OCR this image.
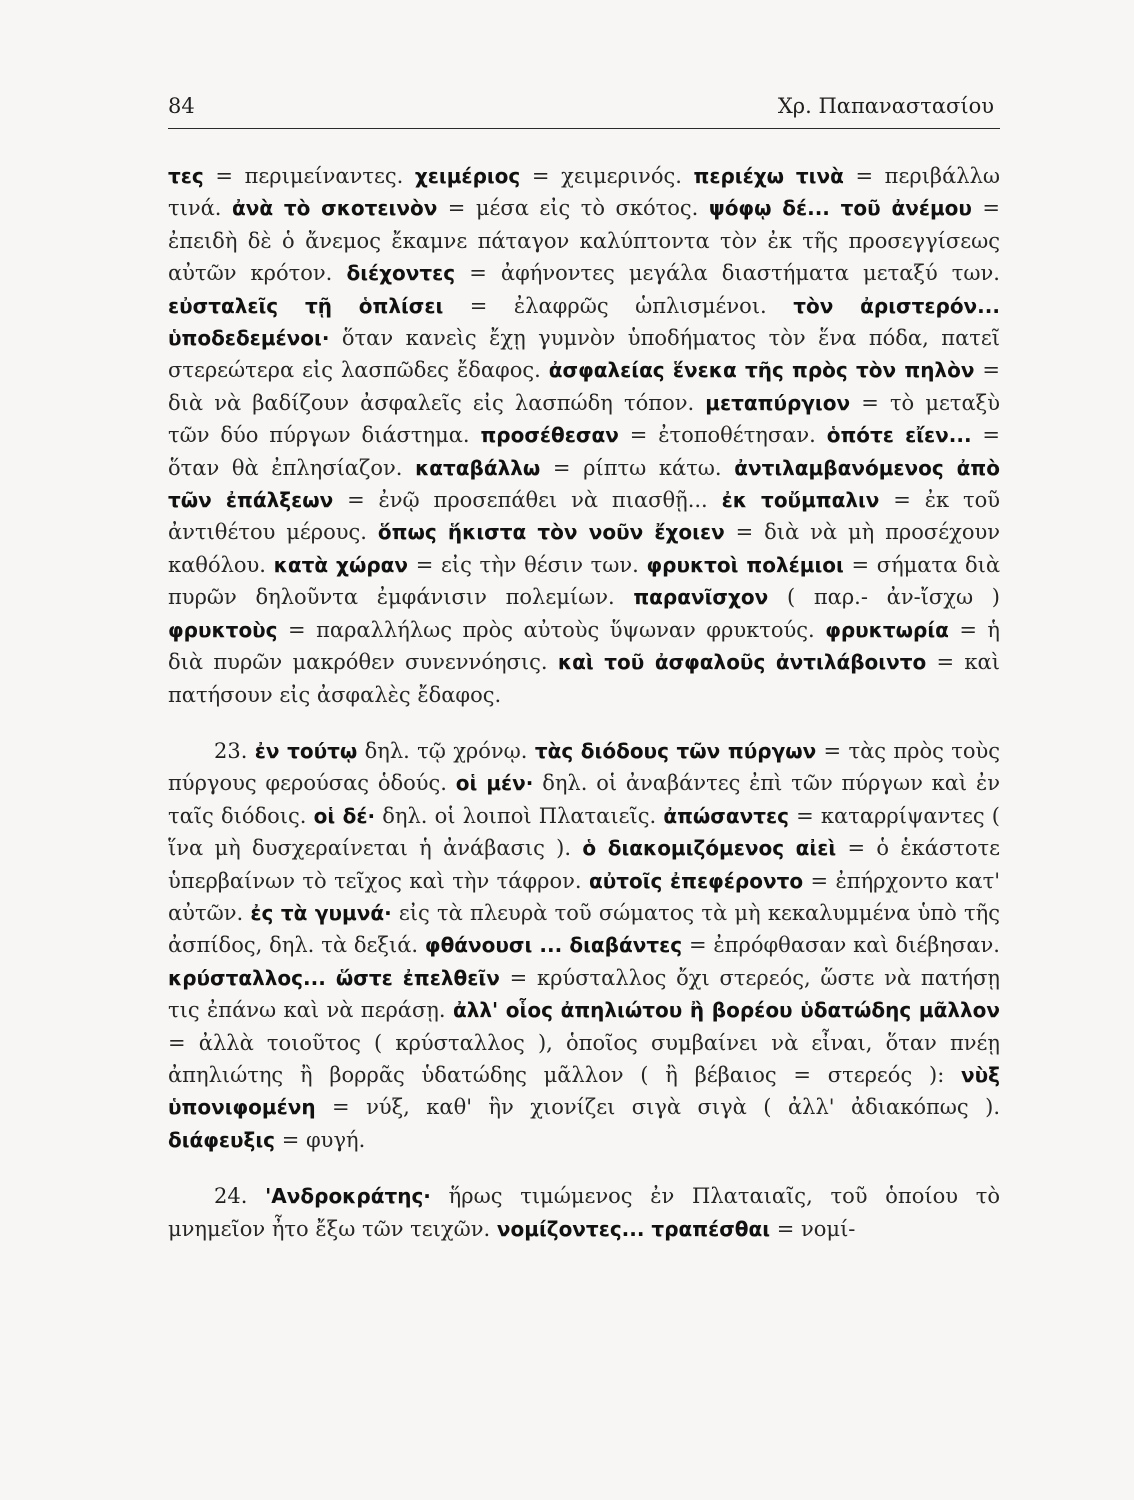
84	Χρ. Παπαναστασίου

τες = περιμείναντες. χειμέριος = χειμερινός. περιέχω τινὰ = περιβάλλω τινά. ἀνὰ τὸ σκοτεινὸν = μέσα εἰς τὸ σκότος. ψόφῳ δέ... τοῦ ἀνέμου = ἐπειδὴ δὲ ὁ ἄνεμος ἔκαμνε πάταγον καλύπτοντα τὸν ἐκ τῆς προσεγγίσεως αὐτῶν κρότον. διέχοντες = ἀφήνοντες μεγάλα διαστήματα μεταξύ των. εὐσταλεῖς τῇ ὁπλίσει = ἐλαφρῶς ὡπλισμένοι. τὸν ἀριστερόν... ὑποδεδεμένοι· ὅταν κανεὶς ἔχῃ γυμνὸν ὑποδήματος τὸν ἕνα πόδα, πατεῖ στερεώτερα εἰς λασπῶδες ἔδαφος. ἀσφαλείας ἕνεκα τῆς πρὸς τὸν πηλὸν = διὰ νὰ βαδίζουν ἀσφαλεῖς εἰς λασπώδη τόπον. μεταπύργιον = τὸ μεταξὺ τῶν δύο πύργων διάστημα. προσέθεσαν = ἐτοποθέτησαν. ὁπότε εἴεν... = ὅταν θὰ ἐπλησίαζον. καταβάλλω = ρίπτω κάτω. ἀντιλαμβανόμενος ἀπὸ τῶν ἐπάλξεων = ἐνῷ προσεπάθει νὰ πιασθῇ... ἐκ τοὔμπαλιν = ἐκ τοῦ ἀντιθέτου μέρους. ὅπως ἥκιστα τὸν νοῦν ἔχοιεν = διὰ νὰ μὴ προσέχουν καθόλου. κατὰ χώραν = εἰς τὴν θέσιν των. φρυκτοὶ πολέμιοι = σήματα διὰ πυρῶν δηλοῦντα ἐμφάνισιν πολεμίων. παρανῖσχον ( παρ.- ἀν-ἴσχω ) φρυκτοὺς = παραλλήλως πρὸς αὐτοὺς ὕψωναν φρυκτούς. φρυκτωρία = ἡ διὰ πυρῶν μακρόθεν συνεννόησις. καὶ τοῦ ἀσφαλοῦς ἀντιλάβοιντο = καὶ πατήσουν εἰς ἀσφαλὲς ἔδαφος.

23. ἐν τούτῳ δηλ. τῷ χρόνῳ. τὰς διόδους τῶν πύργων = τὰς πρὸς τοὺς πύργους φερούσας ὁδούς. οἱ μέν· δηλ. οἱ ἀναβάντες ἐπὶ τῶν πύργων καὶ ἐν ταῖς διόδοις. οἱ δέ· δηλ. οἱ λοιποὶ Πλαταιεῖς. ἀπώσαντες = καταρρίψαντες ( ἵνα μὴ δυσχεραίνεται ἡ ἀνάβασις ). ὁ διακομιζόμενος αἰεὶ = ὁ ἑκάστοτε ὑπερβαίνων τὸ τεῖχος καὶ τὴν τάφρον. αὐτοῖς ἐπεφέροντο = ἐπήρχοντο κατ' αὐτῶν. ἐς τὰ γυμνά· εἰς τὰ πλευρὰ τοῦ σώματος τὰ μὴ κεκαλυμμένα ὑπὸ τῆς ἀσπίδος, δηλ. τὰ δεξιά. φθάνουσι ... διαβάντες = ἐπρόφθασαν καὶ διέβησαν. κρύσταλλος... ὥστε ἐπελθεῖν = κρύσταλλος ὄχι στερεός, ὥστε νὰ πατήσῃ τις ἐπάνω καὶ νὰ περάσῃ. ἀλλ' οἷος ἀπηλιώτου ἢ βορέου ὑδατώδης μᾶλλον = ἀλλὰ τοιοῦτος ( κρύσταλλος ), ὁποῖος συμβαίνει νὰ εἶναι, ὅταν πνέῃ ἀπηλιώτης ἢ βορρᾶς ὑδατώδης μᾶλλον ( ἢ βέβαιος = στερεός ): νὺξ ὑπονιφομένη = νύξ, καθ' ἣν χιονίζει σιγὰ σιγὰ ( ἀλλ' ἀδιακόπως ). διάφευξις = φυγή.

24. 'Ανδροκράτης· ἥρως τιμώμενος ἐν Πλαταιαῖς, τοῦ ὁποίου τὸ μνημεῖον ἦτο ἔξω τῶν τειχῶν. νομίζοντες... τραπέσθαι = νομί-
